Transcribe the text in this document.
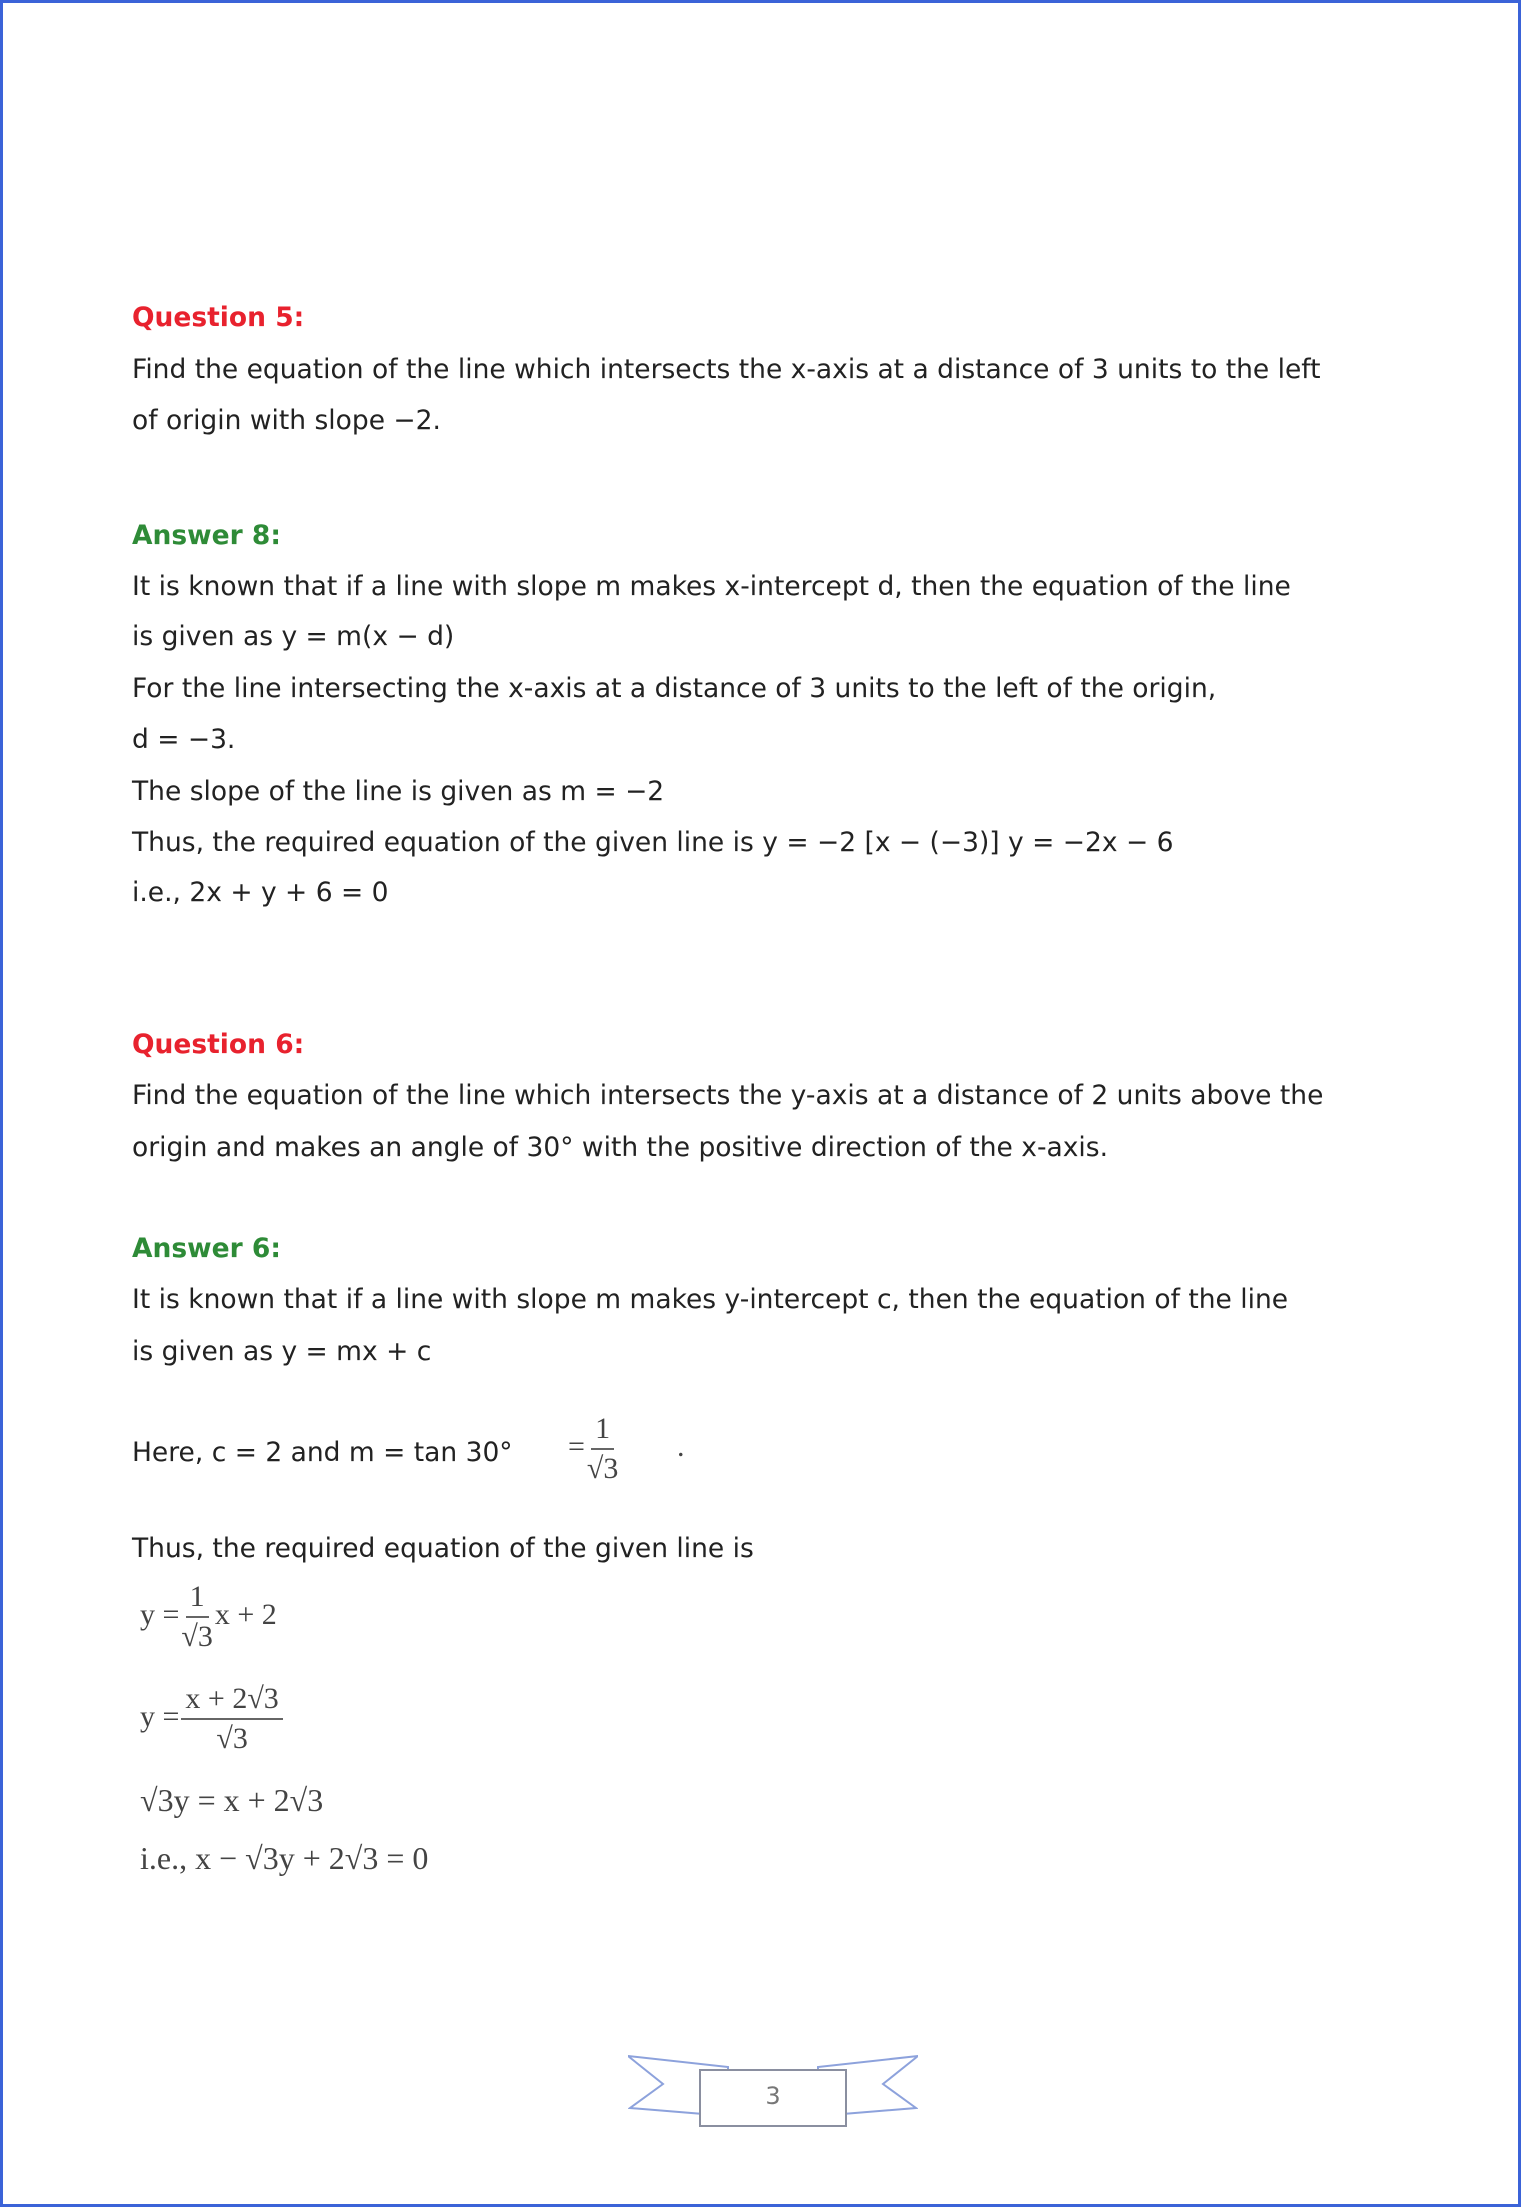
Question 5:
Find the equation of the line which intersects the x-axis at a distance of 3 units to the left
of origin with slope −2.
Answer 8:
It is known that if a line with slope m makes x-intercept d, then the equation of the line
is given as y = m(x − d)
For the line intersecting the x-axis at a distance of 3 units to the left of the origin,
d = −3.
The slope of the line is given as m = −2
Thus, the required equation of the given line is y = −2 [x − (−3)] y = −2x − 6
i.e., 2x + y + 6 = 0
Question 6:
Find the equation of the line which intersects the y-axis at a distance of 2 units above the
origin and makes an angle of 30° with the positive direction of the x-axis.
Answer 6:
It is known that if a line with slope m makes y-intercept c, then the equation of the line
is given as y = mx + c
Here, c = 2 and $m = \tan 30^\circ = \frac{1}{√3}$ .
Thus, the required equation of the given line is
$y = \frac{1}{√3}$ x + 2
$y = \frac{x + 2√3}{√3}$
√3y = x + 2√3
i.e., x − √3y + 2√3 = 0
3
